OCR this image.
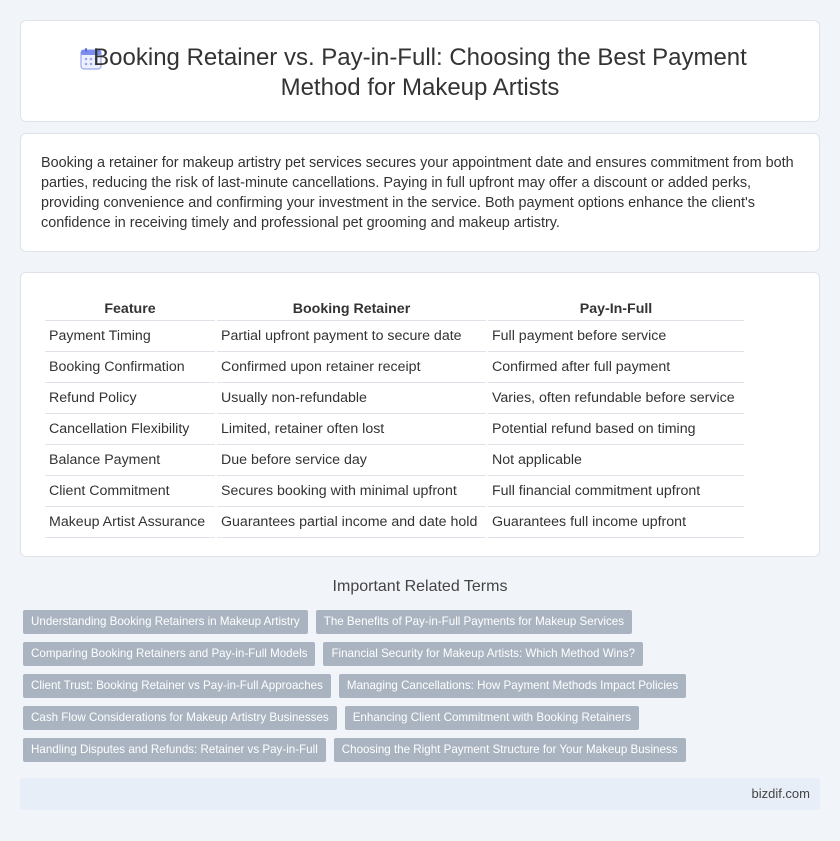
Booking Retainer vs. Pay-in-Full: Choosing the Best Payment Method for Makeup Artists

Booking a retainer for makeup artistry pet services secures your appointment date and ensures commitment from both parties, reducing the risk of last-minute cancellations. Paying in full upfront may offer a discount or added perks, providing convenience and confirming your investment in the service. Both payment options enhance the client's confidence in receiving timely and professional pet grooming and makeup artistry.

Feature	Booking Retainer	Pay-In-Full
Payment Timing	Partial upfront payment to secure date	Full payment before service
Booking Confirmation	Confirmed upon retainer receipt	Confirmed after full payment
Refund Policy	Usually non-refundable	Varies, often refundable before service
Cancellation Flexibility	Limited, retainer often lost	Potential refund based on timing
Balance Payment	Due before service day	Not applicable
Client Commitment	Secures booking with minimal upfront	Full financial commitment upfront
Makeup Artist Assurance	Guarantees partial income and date hold	Guarantees full income upfront
Important Related Terms
Understanding Booking Retainers in Makeup Artistry	The Benefits of Pay-in-Full Payments for Makeup Services
Comparing Booking Retainers and Pay-in-Full Models	Financial Security for Makeup Artists: Which Method Wins?
Client Trust: Booking Retainer vs Pay-in-Full Approaches	Managing Cancellations: How Payment Methods Impact Policies
Cash Flow Considerations for Makeup Artistry Businesses	Enhancing Client Commitment with Booking Retainers
Handling Disputes and Refunds: Retainer vs Pay-in-Full	Choosing the Right Payment Structure for Your Makeup Business
bizdif.com
